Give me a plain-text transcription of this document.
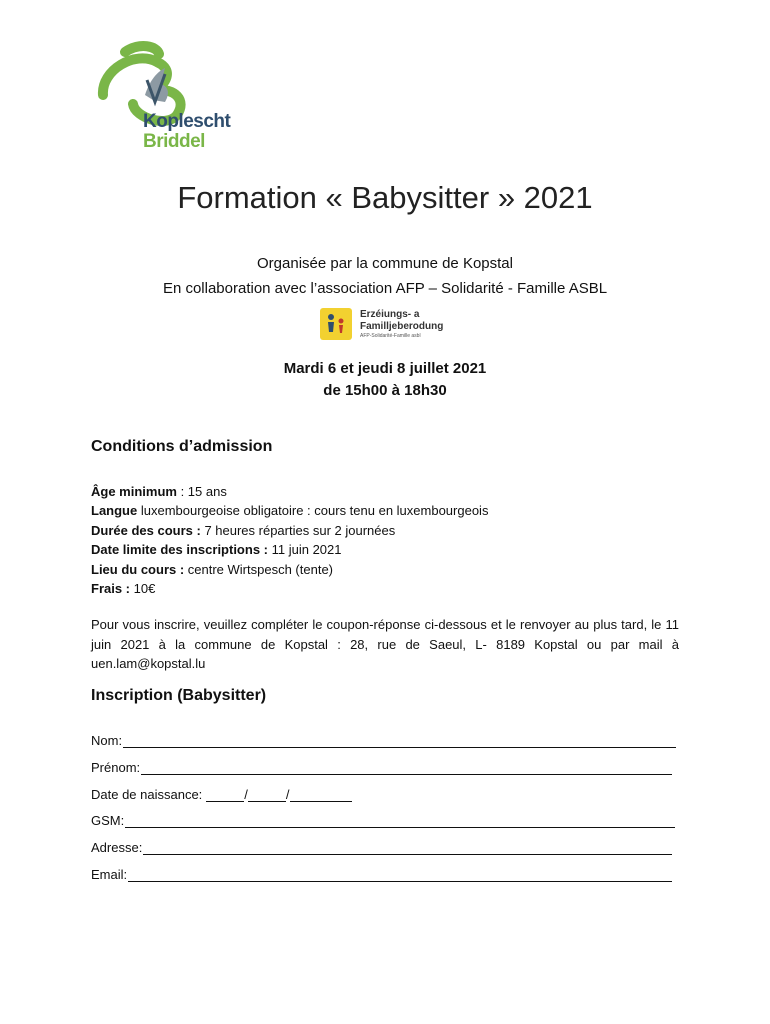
Koplescht
Briddel
Formation « Babysitter » 2021
Organisée par la commune de Kopstal
En collaboration avec l’association AFP – Solidarité - Famille ASBL
Erzéiungs- a
Familljeberodung
AFP-Solidarité-Famille asbl
Mardi 6 et jeudi 8 juillet 2021
de 15h00 à 18h30
Conditions d’admission
Âge minimum : 15 ans
Langue luxembourgeoise obligatoire : cours tenu en luxembourgeois
Durée des cours : 7 heures réparties sur 2 journées
Date limite des inscriptions : 11 juin 2021
Lieu du cours : centre Wirtspesch (tente)
Frais : 10€
Pour vous inscrire, veuillez compléter le coupon-réponse ci-dessous et le renvoyer au plus tard, le 11 juin 2021 à la commune de Kopstal : 28, rue de Saeul, L- 8189 Kopstal ou par mail à uen.lam@kopstal.lu
Inscription (Babysitter)
Nom:
Prénom:
Date de naissance:	/	/
GSM:
Adresse:
Email:
